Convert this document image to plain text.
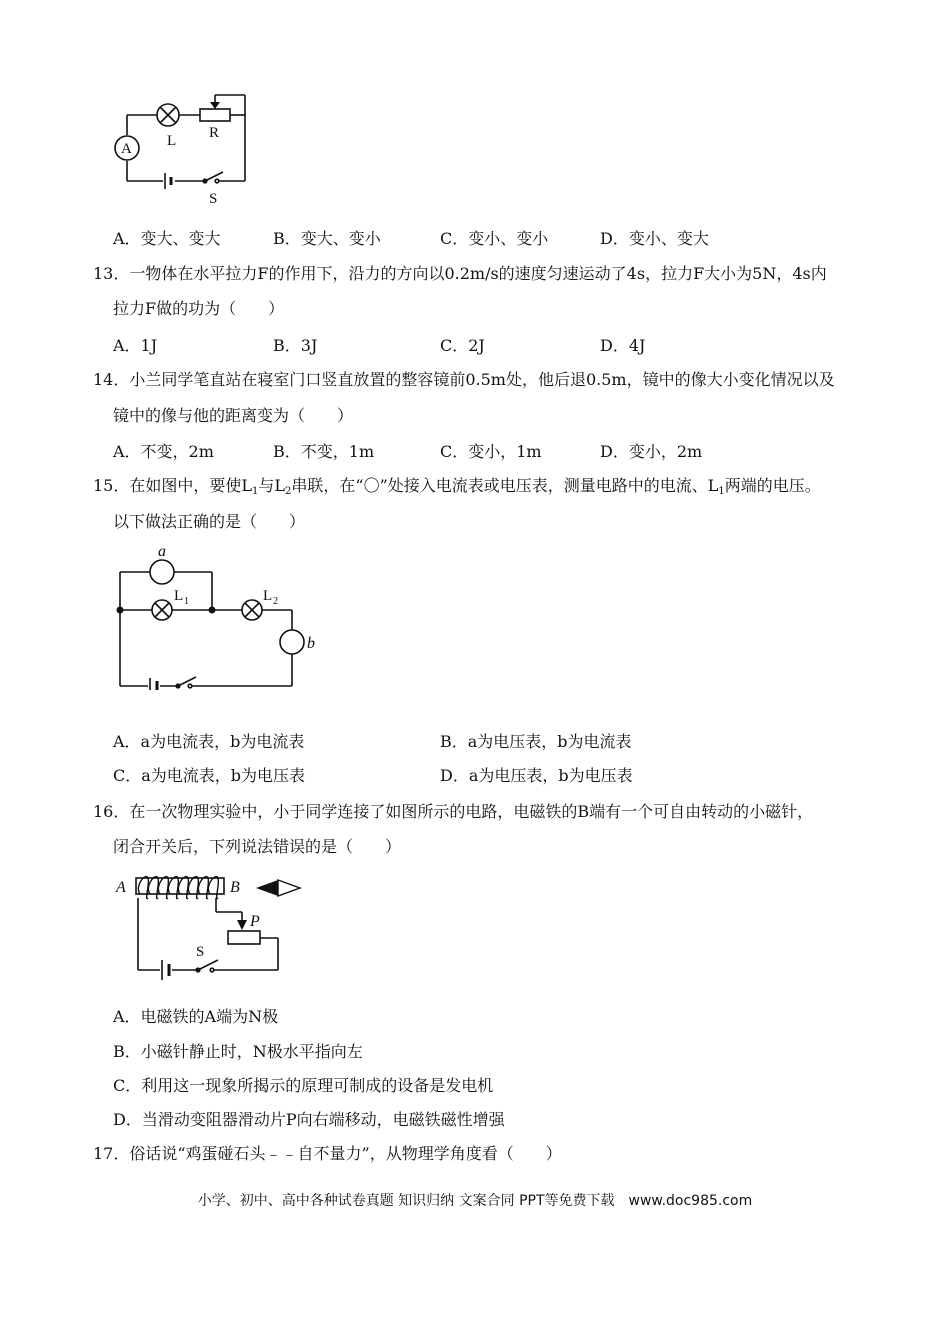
A L R
S
A．变大、变大	B．变大、变小	C．变小、变小	D．变小、变大
13．一物体在水平拉力F的作用下，沿力的方向以0.2m/s的速度匀速运动了4s，拉力F大小为5N，4s内
拉力F做的功为（　　）
A．1J	B．3J	C．2J	D．4J
14．小兰同学笔直站在寝室门口竖直放置的整容镜前0.5m处，他后退0.5m，镜中的像大小变化情况以及
镜中的像与他的距离变为（　　）
A．不变，2m	B．不变，1m	C．变小，1m	D．变小，2m
15．在如图中，要使$L_1$与$L_2$串联，在“〇”处接入电流表或电压表，测量电路中的电流、$L_1$两端的电压。
以下做法正确的是（　　）
a
L 1	L 2
b
A．a为电流表，b为电流表	B．a为电压表，b为电流表
C．a为电流表，b为电压表	D．a为电压表，b为电压表
16．在一次物理实验中，小于同学连接了如图所示的电路，电磁铁的B端有一个可自由转动的小磁针，
闭合开关后，下列说法错误的是（　　）
A	B
P
S
A．电磁铁的A端为N极
B．小磁针静止时，N极水平指向左
C．利用这一现象所揭示的原理可制成的设备是发电机
D．当滑动变阻器滑动片P向右端移动，电磁铁磁性增强
17．俗话说“鸡蛋碰石头﹣﹣自不量力”，从物理学角度看（　　）
小学、初中、高中各种试卷真题 知识归纳 文案合同 PPT等免费下载　www.doc985.com
